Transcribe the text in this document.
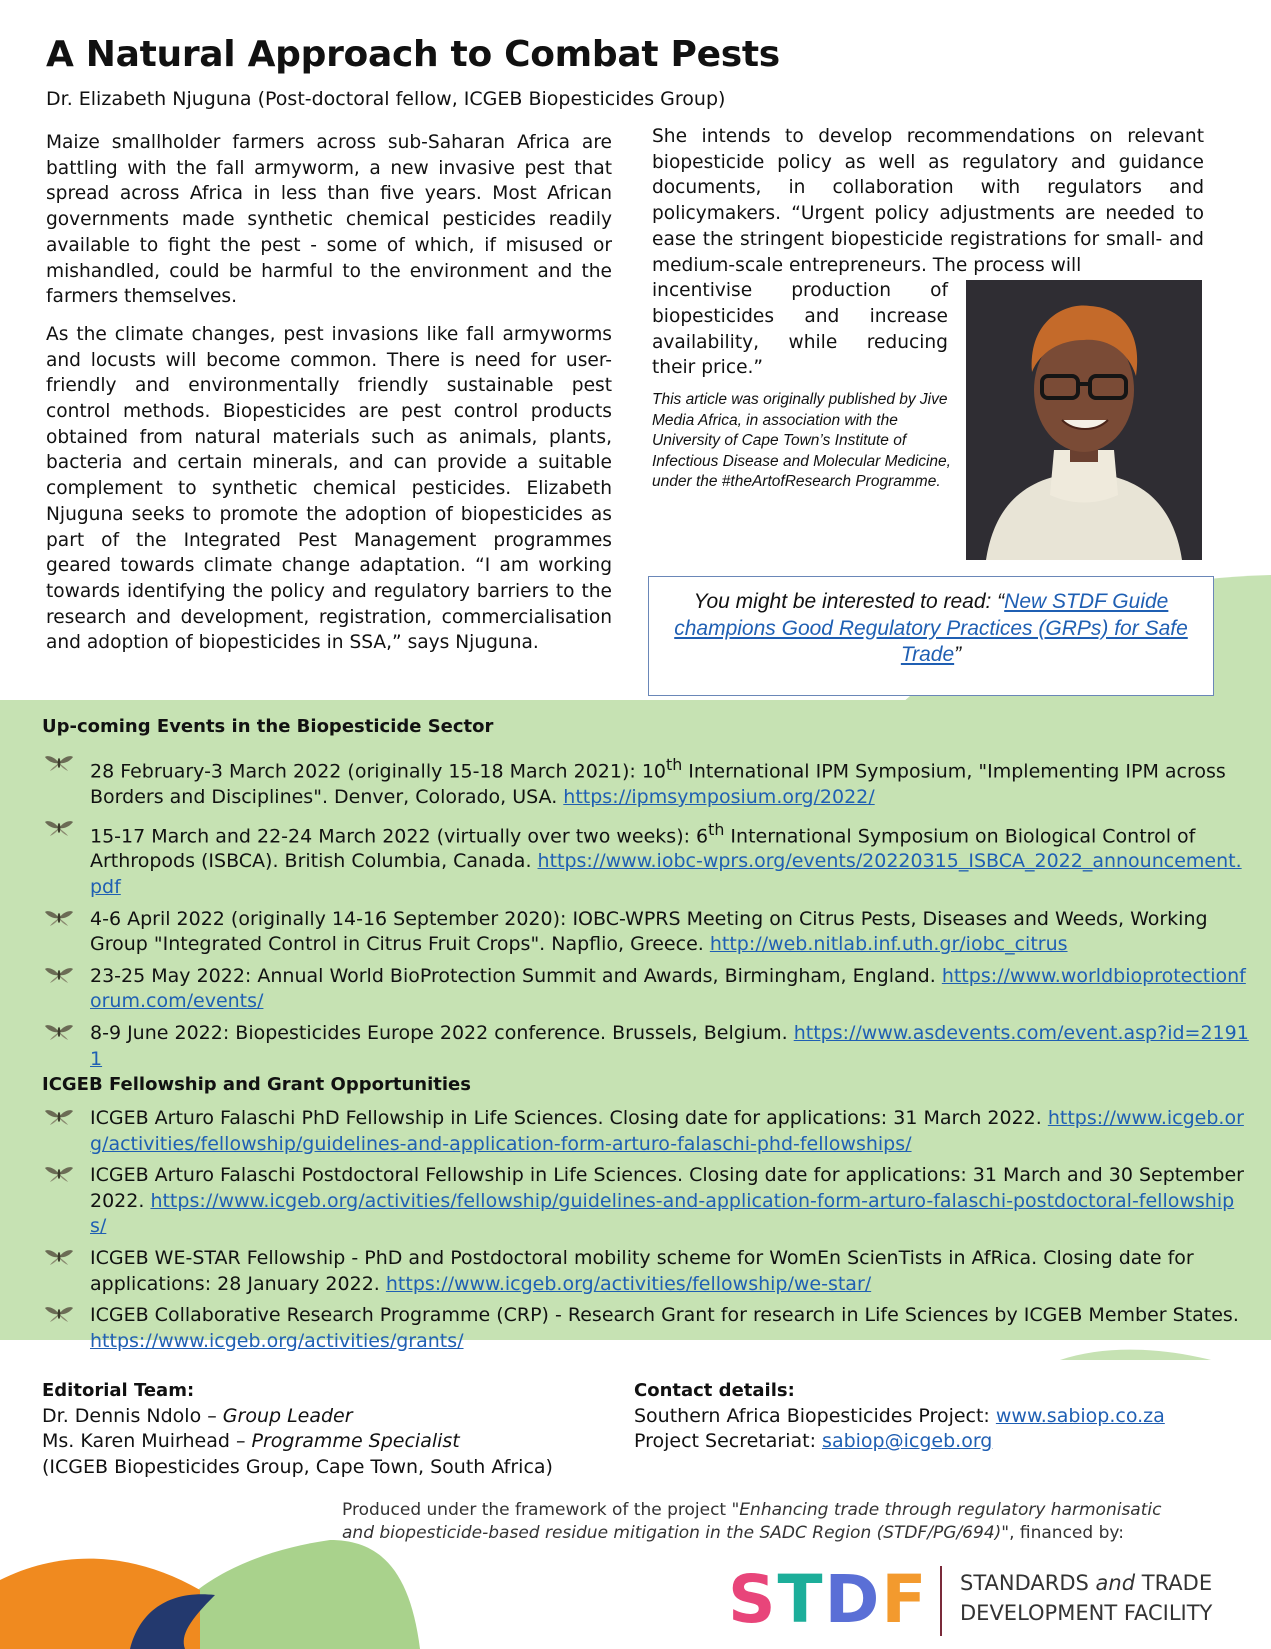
A Natural Approach to Combat Pests
Dr. Elizabeth Njuguna (Post-doctoral fellow, ICGEB Biopesticides Group)

Maize smallholder farmers across sub-Saharan Africa are battling with the fall armyworm, a new invasive pest that spread across Africa in less than five years. Most African governments made synthetic chemical pesticides readily available to fight the pest - some of which, if misused or mishandled, could be harmful to the environment and the farmers themselves.

As the climate changes, pest invasions like fall armyworms and locusts will become common. There is need for user-friendly and environmentally friendly sustainable pest control methods. Biopesticides are pest control products obtained from natural materials such as animals, plants, bacteria and certain minerals, and can provide a suitable complement to synthetic chemical pesticides. Elizabeth Njuguna seeks to promote the adoption of biopesticides as part of the Integrated Pest Management programmes geared towards climate change adaptation. “I am working towards identifying the policy and regulatory barriers to the research and development, registration, commercialisation and adoption of biopesticides in SSA,” says Njuguna.

She intends to develop recommendations on relevant biopesticide policy as well as regulatory and guidance documents, in collaboration with regulators and policymakers. “Urgent policy adjustments are needed to ease the stringent biopesticide registrations for small- and medium-scale entrepreneurs. The process will
incentivise production of biopesticides and increase availability, while reducing their price.”
This article was originally published by Jive Media Africa, in association with the University of Cape Town’s Institute of Infectious Disease and Molecular Medicine, under the #theArtofResearch Programme.
You might be interested to read: “New STDF Guide champions Good Regulatory Practices (GRPs) for Safe Trade”
Up-coming Events in the Biopesticide Sector
28 February-3 March 2022 (originally 15-18 March 2021): 10th International IPM Symposium, "Implementing IPM across Borders and Disciplines". Denver, Colorado, USA. https://ipmsymposium.org/2022/
15-17 March and 22-24 March 2022 (virtually over two weeks): 6th International Symposium on Biological Control of Arthropods (ISBCA). British Columbia, Canada. https://www.iobc-wprs.org/events/20220315_ISBCA_2022_announcement.pdf
4-6 April 2022 (originally 14-16 September 2020): IOBC-WPRS Meeting on Citrus Pests, Diseases and Weeds, Working Group "Integrated Control in Citrus Fruit Crops". Napflio, Greece. http://web.nitlab.inf.uth.gr/iobc_citrus
23-25 May 2022: Annual World BioProtection Summit and Awards, Birmingham, England. https://www.worldbioprotectionforum.com/events/
8-9 June 2022: Biopesticides Europe 2022 conference. Brussels, Belgium. https://www.asdevents.com/event.asp?id=21911
ICGEB Fellowship and Grant Opportunities
ICGEB Arturo Falaschi PhD Fellowship in Life Sciences. Closing date for applications: 31 March 2022. https://www.icgeb.org/activities/fellowship/guidelines-and-application-form-arturo-falaschi-phd-fellowships/
ICGEB Arturo Falaschi Postdoctoral Fellowship in Life Sciences. Closing date for applications: 31 March and 30 September 2022. https://www.icgeb.org/activities/fellowship/guidelines-and-application-form-arturo-falaschi-postdoctoral-fellowships/
ICGEB WE-STAR Fellowship - PhD and Postdoctoral mobility scheme for WomEn ScienTists in AfRica. Closing date for applications: 28 January 2022. https://www.icgeb.org/activities/fellowship/we-star/
ICGEB Collaborative Research Programme (CRP) - Research Grant for research in Life Sciences by ICGEB Member States. https://www.icgeb.org/activities/grants/
Editorial Team:
Dr. Dennis Ndolo – Group Leader
Ms. Karen Muirhead – Programme Specialist
(ICGEB Biopesticides Group, Cape Town, South Africa)
Contact details:
Southern Africa Biopesticides Project: www.sabiop.co.za
Project Secretariat: sabiop@icgeb.org
Produced under the framework of the project "Enhancing trade through regulatory harmonisatic
and biopesticide-based residue mitigation in the SADC Region (STDF/PG/694)", financed by:
STDF STANDARDS and TRADE
DEVELOPMENT FACILITY
